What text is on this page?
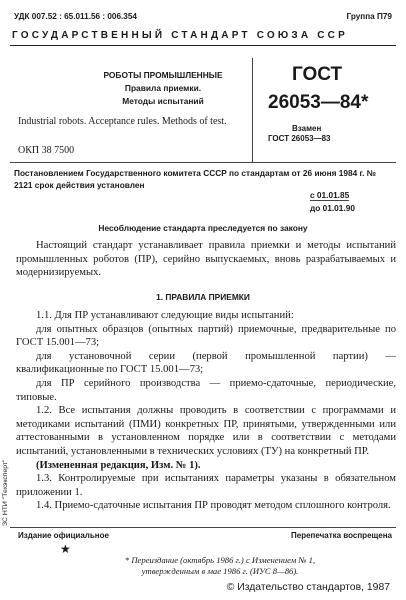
УДК 007.52 : 65.011.56 : 006.354	Группа П79
ГОСУДАРСТВЕННЫЙ СТАНДАРТ СОЮЗА ССР
РОБОТЫ ПРОМЫШЛЕННЫЕ
Правила приемки.
Методы испытаний
Industrial robots. Acceptance rules. Methods of test.
ОКП 38 7500
ГОСТ
26053—84*
Взамен
ГОСТ 26053—83
Постановлением Государственного комитета СССР по стандартам от 26 июня 1984 г. № 2121 срок действия установлен
с 01.01.85
до 01.01.90
Несоблюдение стандарта преследуется по закону
Настоящий стандарт устанавливает правила приемки и методы испытаний промышленных роботов (ПР), серийно выпускаемых, вновь разрабатываемых и модернизируемых.
1. ПРАВИЛА ПРИЕМКИ

1.1. Для ПР устанавливают следующие виды испытаний:

для опытных образцов (опытных партий) приемочные, предварительные по ГОСТ 15.001—73;

для установочной серии (первой промышленной партии) — квалификационные по ГОСТ 15.001—73;

для ПР серийного производства — приемо-сдаточные, периодические, типовые.

1.2. Все испытания должны проводить в соответствии с программами и методиками испытаний (ПМИ) конкретных ПР, принятыми, утвержденными или аттестованными в установленном порядке или в соответствии с методами испытаний, установленными в технических условиях (ТУ) на конкретный ПР.

(Измененная редакция, Изм. № 1).

1.3. Контролируемые при испытаниях параметры указаны в обязательном приложении 1.

1.4. Приемо-сдаточные испытания ПР проводят методом сплошного контроля.

ЗС НТИ "Техэксперт"
Издание официальное	Перепечатка воспрещена
★
* Переиздание (октябрь 1986 г.) с Изменением № 1,
утвержденным в мае 1986 г. (ИУС 8—86).
© Издательство стандартов, 1987
